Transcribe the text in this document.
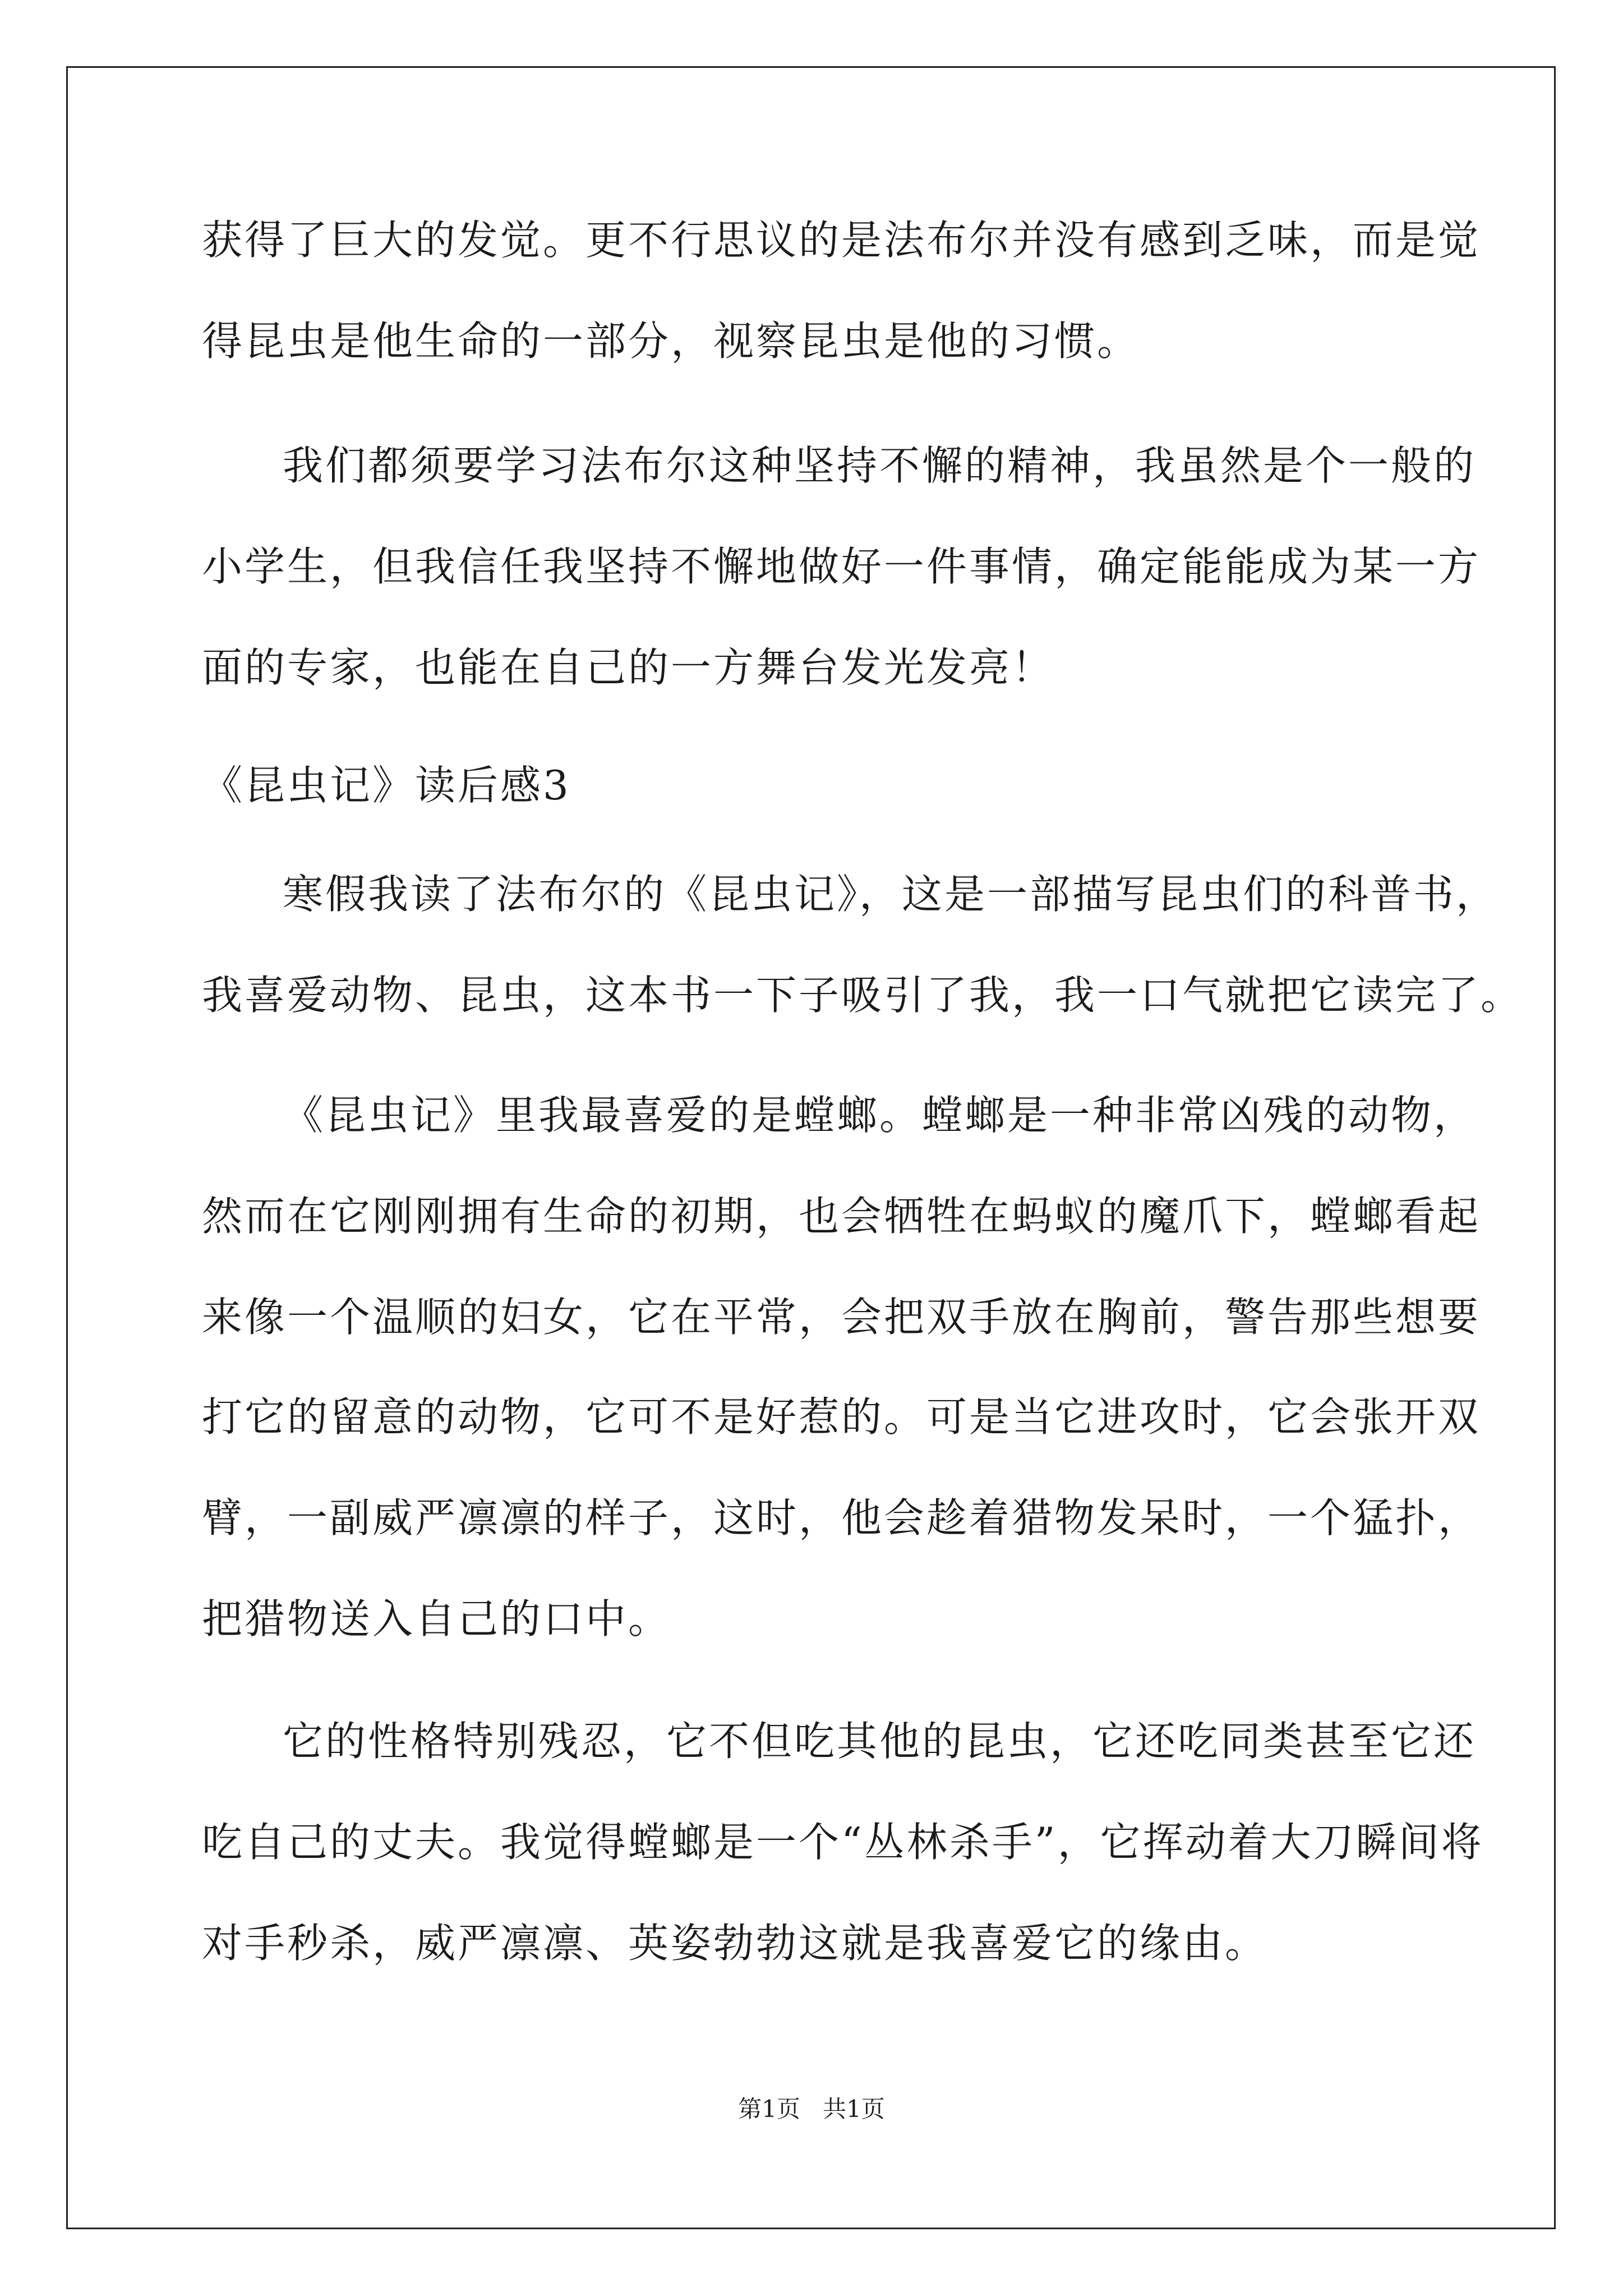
获得了巨大的发觉。更不行思议的是法布尔并没有感到乏味，而是觉
得昆虫是他生命的一部分，视察昆虫是他的习惯。
我们都须要学习法布尔这种坚持不懈的精神，我虽然是个一般的
小学生，但我信任我坚持不懈地做好一件事情，确定能能成为某一方
面的专家，也能在自己的一方舞台发光发亮！
《昆虫记》读后感3
寒假我读了法布尔的《昆虫记》，这是一部描写昆虫们的科普书，
我喜爱动物、昆虫，这本书一下子吸引了我，我一口气就把它读完了。
《昆虫记》里我最喜爱的是螳螂。螳螂是一种非常凶残的动物，
然而在它刚刚拥有生命的初期，也会牺牲在蚂蚁的魔爪下，螳螂看起
来像一个温顺的妇女，它在平常，会把双手放在胸前，警告那些想要
打它的留意的动物，它可不是好惹的。可是当它进攻时，它会张开双
臂，一副威严凛凛的样子，这时，他会趁着猎物发呆时，一个猛扑，
把猎物送入自己的口中。
它的性格特别残忍，它不但吃其他的昆虫，它还吃同类甚至它还
吃自己的丈夫。我觉得螳螂是一个“丛林杀手”，它挥动着大刀瞬间将
对手秒杀，威严凛凛、英姿勃勃这就是我喜爱它的缘由。
第1页   共1页
